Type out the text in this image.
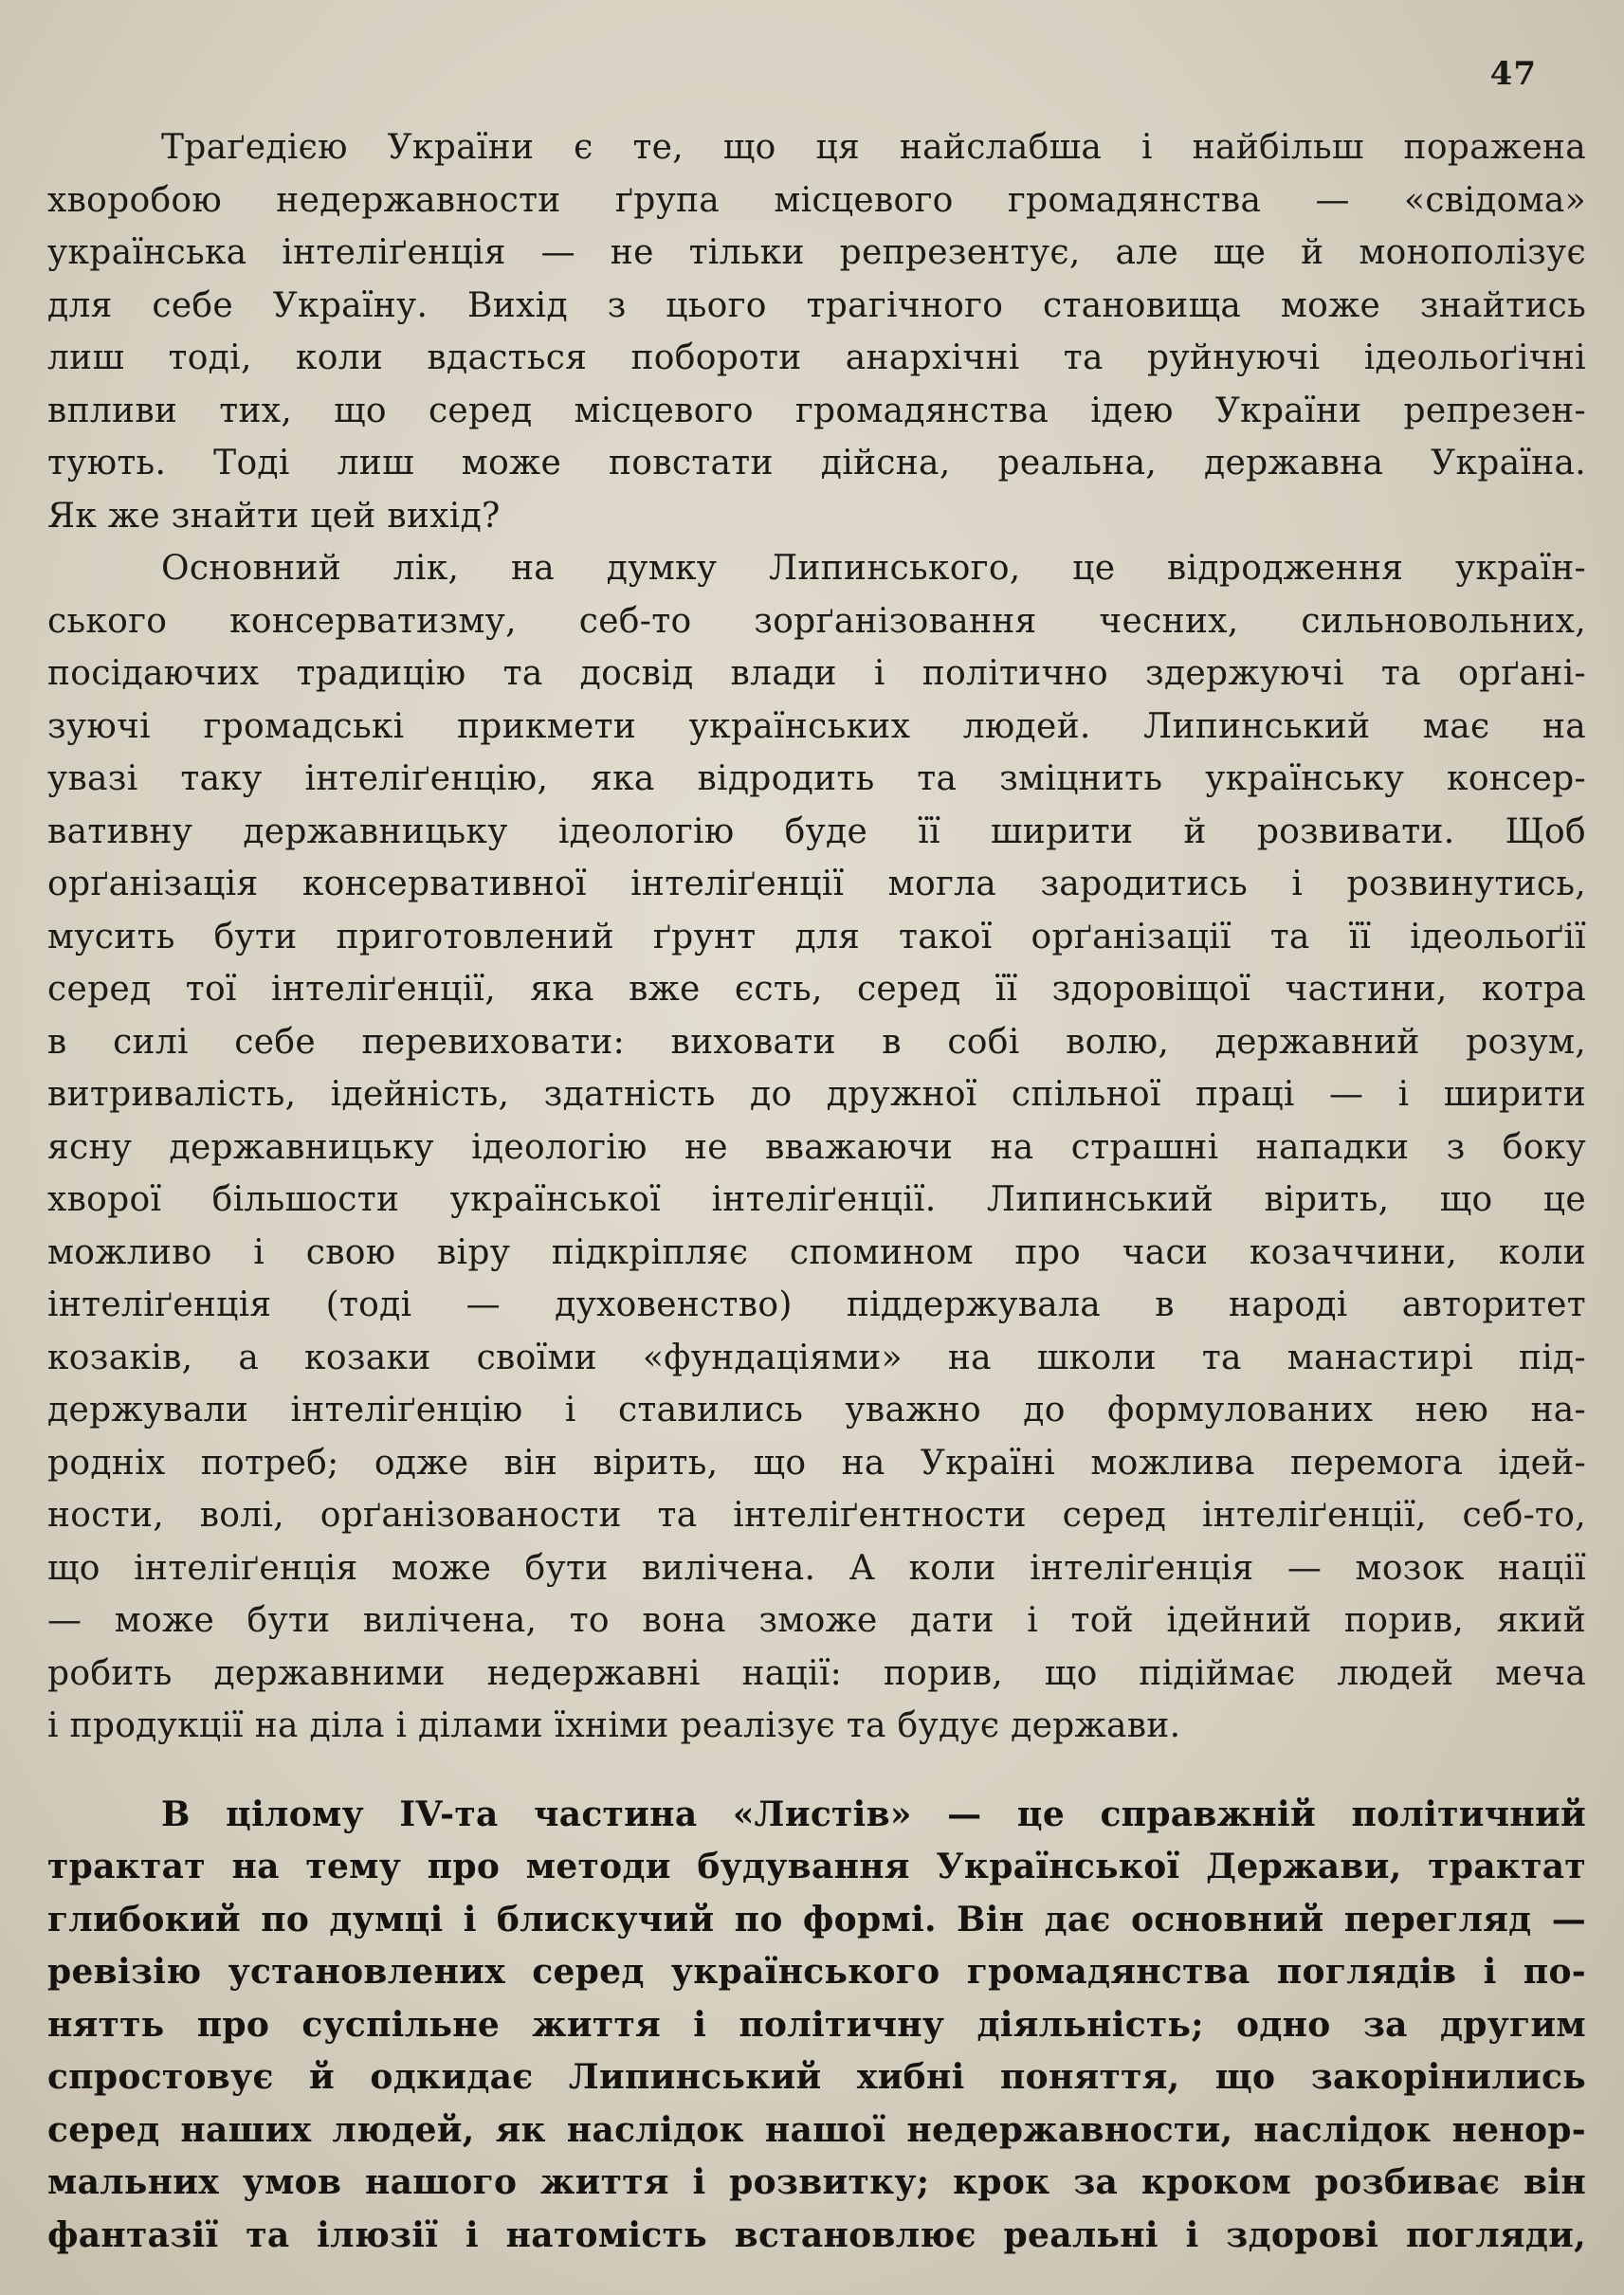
47
Траґедією України є те, що ця найслабша і найбільш поражена
хворобою недержавности ґрупа місцевого громадянства — «свідома»
українська інтеліґенція — не тільки репрезентує, але ще й монополізує
для себе Україну. Вихід з цього трагічного становища може знайтись
лиш тоді, коли вдасться побороти анархічні та руйнуючі ідеольоґічні
впливи тих, що серед місцевого громадянства ідею України репрезен-
тують. Тоді лиш може повстати дійсна, реальна, державна Україна.
Як же знайти цей вихід?
Основний лік, на думку Липинського, це відродження україн-
ського консерватизму, себ-то зорґанізовання чесних, сильновольних,
посідаючих традицію та досвід влади і політично здержуючі та орґані-
зуючі громадські прикмети українських людей. Липинський має на
увазі таку інтеліґенцію, яка відродить та зміцнить українську консер-
вативну державницьку ідеологію буде її ширити й розвивати. Щоб
орґанізація консервативної інтеліґенції могла зародитись і розвинутись,
мусить бути приготовлений ґрунт для такої орґанізації та її ідеольоґії
серед тої інтеліґенції, яка вже єсть, серед її здоровіщої частини, котра
в силі себе перевиховати: виховати в собі волю, державний розум,
витривалість, ідейність, здатність до дружної спільної праці — і ширити
ясну державницьку ідеологію не вважаючи на страшні нападки з боку
хворої більшости української інтеліґенції. Липинський вірить, що це
можливо і свою віру підкріпляє спомином про часи козаччини, коли
інтеліґенція (тоді — духовенство) піддержувала в народі авторитет
козаків, а козаки своїми «фундаціями» на школи та манастирі під-
держували інтеліґенцію і ставились уважно до формулованих нею на-
родніх потреб; одже він вірить, що на Україні можлива перемога ідей-
ности, волі, орґанізованости та інтеліґентности серед інтеліґенції, себ-то,
що інтеліґенція може бути вилічена. А коли інтеліґенція — мозок нації
— може бути вилічена, то вона зможе дати і той ідейний порив, який
робить державними недержавні нації: порив, що підіймає людей меча
і продукції на діла і ділами їхніми реалізує та будує держави.
В цілому IV-та частина «Листів» — це справжній політичний
трактат на тему про методи будування Української Держави, трактат
глибокий по думці і блискучий по формі. Він дає основний перегляд —
ревізію установлених серед українського громадянства поглядів і по-
нятть про суспільне життя і політичну діяльність; одно за другим
спростовує й одкидає Липинський хибні поняття, що закорінились
серед наших людей, як наслідок нашої недержавности, наслідок ненор-
мальних умов нашого життя і розвитку; крок за кроком розбиває він
фантазії та ілюзії і натомість встановлює реальні і здорові погляди,
